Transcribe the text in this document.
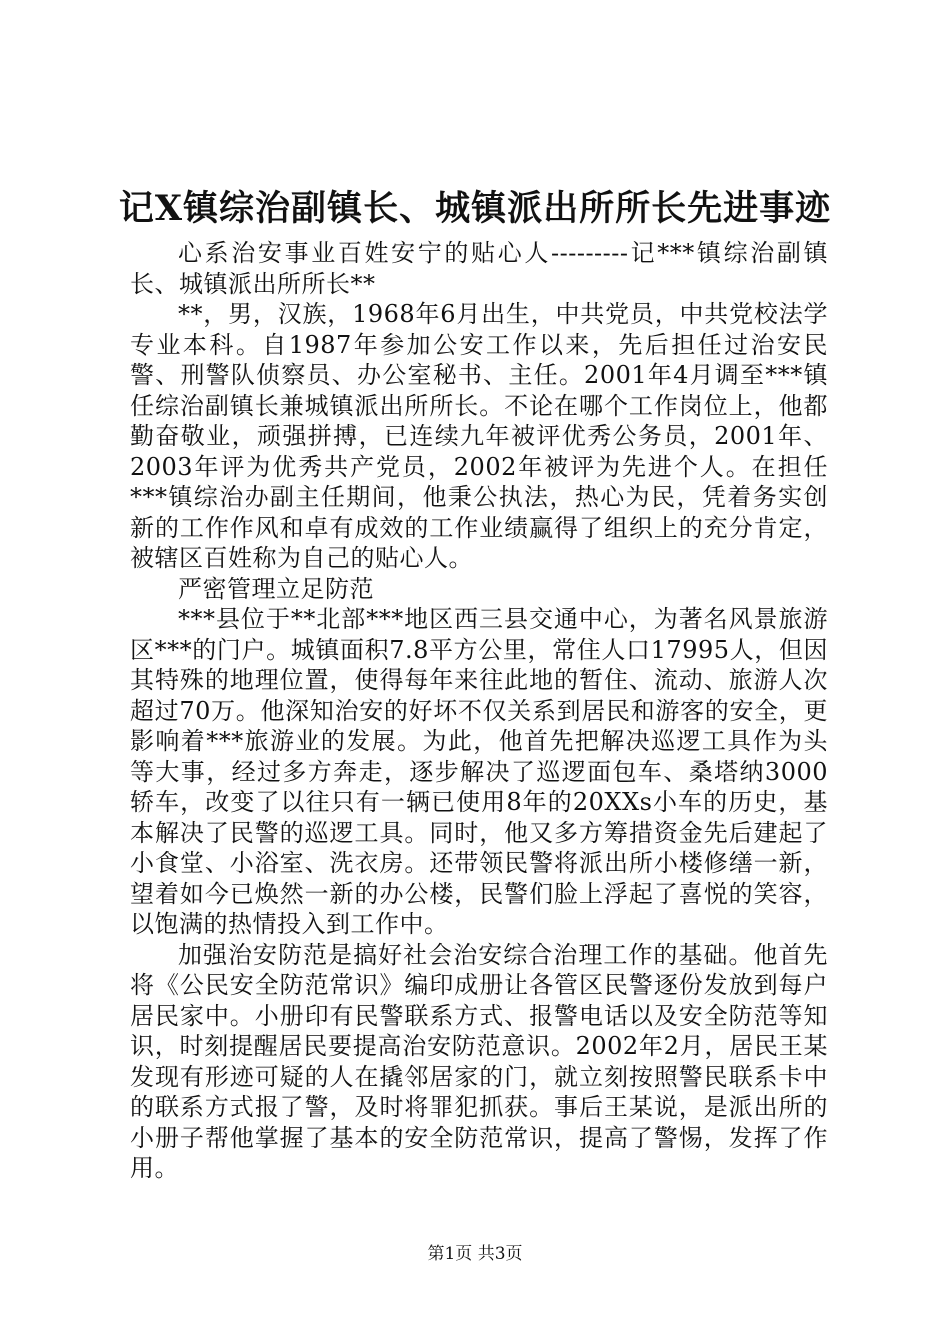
记X镇综治副镇长、城镇派出所所长先进事迹

心系治安事业百姓安宁的贴心人---------记***镇综治副镇长、城镇派出所所长**

**，男，汉族，1968年6月出生，中共党员，中共党校法学专业本科。自1987年参加公安工作以来，先后担任过治安民警、刑警队侦察员、办公室秘书、主任。2001年4月调至***镇任综治副镇长兼城镇派出所所长。不论在哪个工作岗位上，他都勤奋敬业，顽强拼搏，已连续九年被评优秀公务员，2001年、2003年评为优秀共产党员，2002年被评为先进个人。在担任***镇综治办副主任期间，他秉公执法，热心为民，凭着务实创新的工作作风和卓有成效的工作业绩赢得了组织上的充分肯定，被辖区百姓称为自己的贴心人。

严密管理立足防范

***县位于**北部***地区西三县交通中心，为著名风景旅游区***的门户。城镇面积7.8平方公里，常住人口17995人，但因其特殊的地理位置，使得每年来往此地的暂住、流动、旅游人次超过70万。他深知治安的好坏不仅关系到居民和游客的安全，更影响着***旅游业的发展。为此，他首先把解决巡逻工具作为头等大事，经过多方奔走，逐步解决了巡逻面包车、桑塔纳3000轿车，改变了以往只有一辆已使用8年的20XXs小车的历史，基本解决了民警的巡逻工具。同时，他又多方筹措资金先后建起了小食堂、小浴室、洗衣房。还带领民警将派出所小楼修缮一新，望着如今已焕然一新的办公楼，民警们脸上浮起了喜悦的笑容，以饱满的热情投入到工作中。

加强治安防范是搞好社会治安综合治理工作的基础。他首先将《公民安全防范常识》编印成册让各管区民警逐份发放到每户居民家中。小册印有民警联系方式、报警电话以及安全防范等知识，时刻提醒居民要提高治安防范意识。2002年2月，居民王某发现有形迹可疑的人在撬邻居家的门，就立刻按照警民联系卡中的联系方式报了警，及时将罪犯抓获。事后王某说，是派出所的小册子帮他掌握了基本的安全防范常识，提高了警惕，发挥了作用。

第1页 共3页
